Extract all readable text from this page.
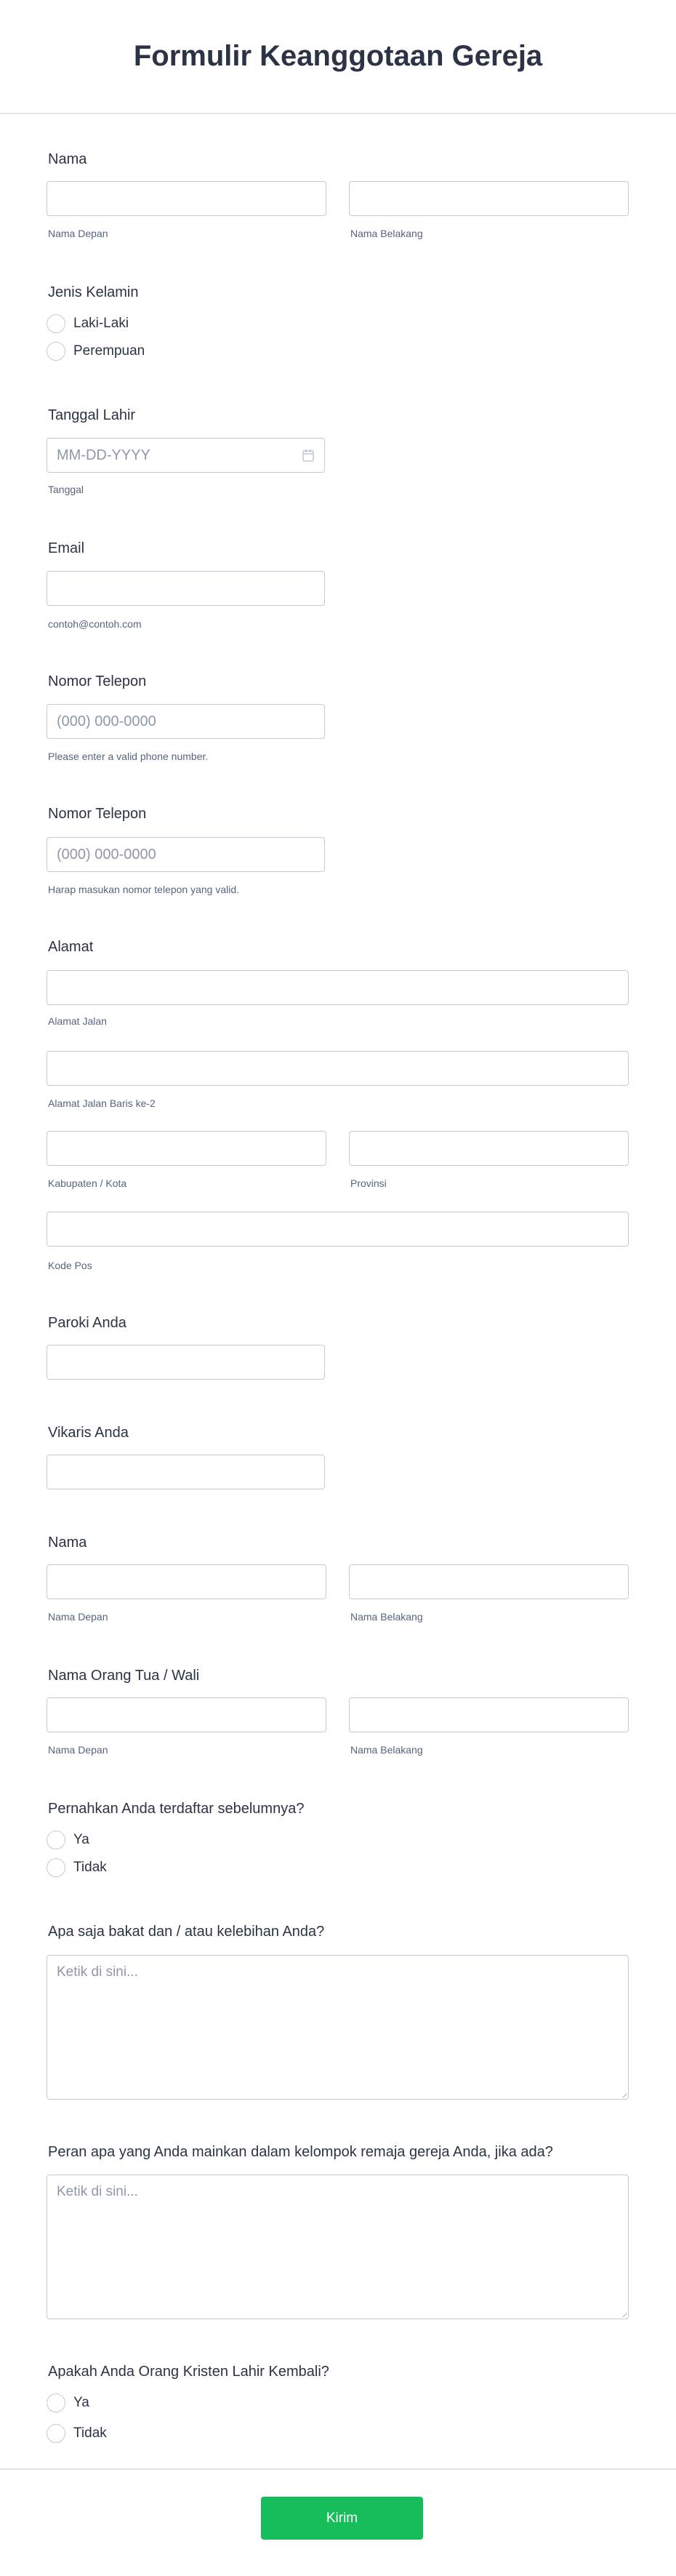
Formulir Keanggotaan Gereja
Nama
Nama Depan	Nama Belakang
Jenis Kelamin
Laki-Laki
Perempuan
Tanggal Lahir
MM-DD-YYYY
Tanggal
Email
contoh@contoh.com
Nomor Telepon
(000) 000-0000
Please enter a valid phone number.
Nomor Telepon
(000) 000-0000
Harap masukan nomor telepon yang valid.
Alamat
Alamat Jalan
Alamat Jalan Baris ke-2
Kabupaten / Kota	Provinsi
Kode Pos
Paroki Anda
Vikaris Anda
Nama
Nama Depan	Nama Belakang
Nama Orang Tua / Wali
Nama Depan	Nama Belakang
Pernahkan Anda terdaftar sebelumnya?
Ya
Tidak
Apa saja bakat dan / atau kelebihan Anda?
Ketik di sini...
Peran apa yang Anda mainkan dalam kelompok remaja gereja Anda, jika ada?
Ketik di sini...
Apakah Anda Orang Kristen Lahir Kembali?
Ya
Tidak
Kirim
